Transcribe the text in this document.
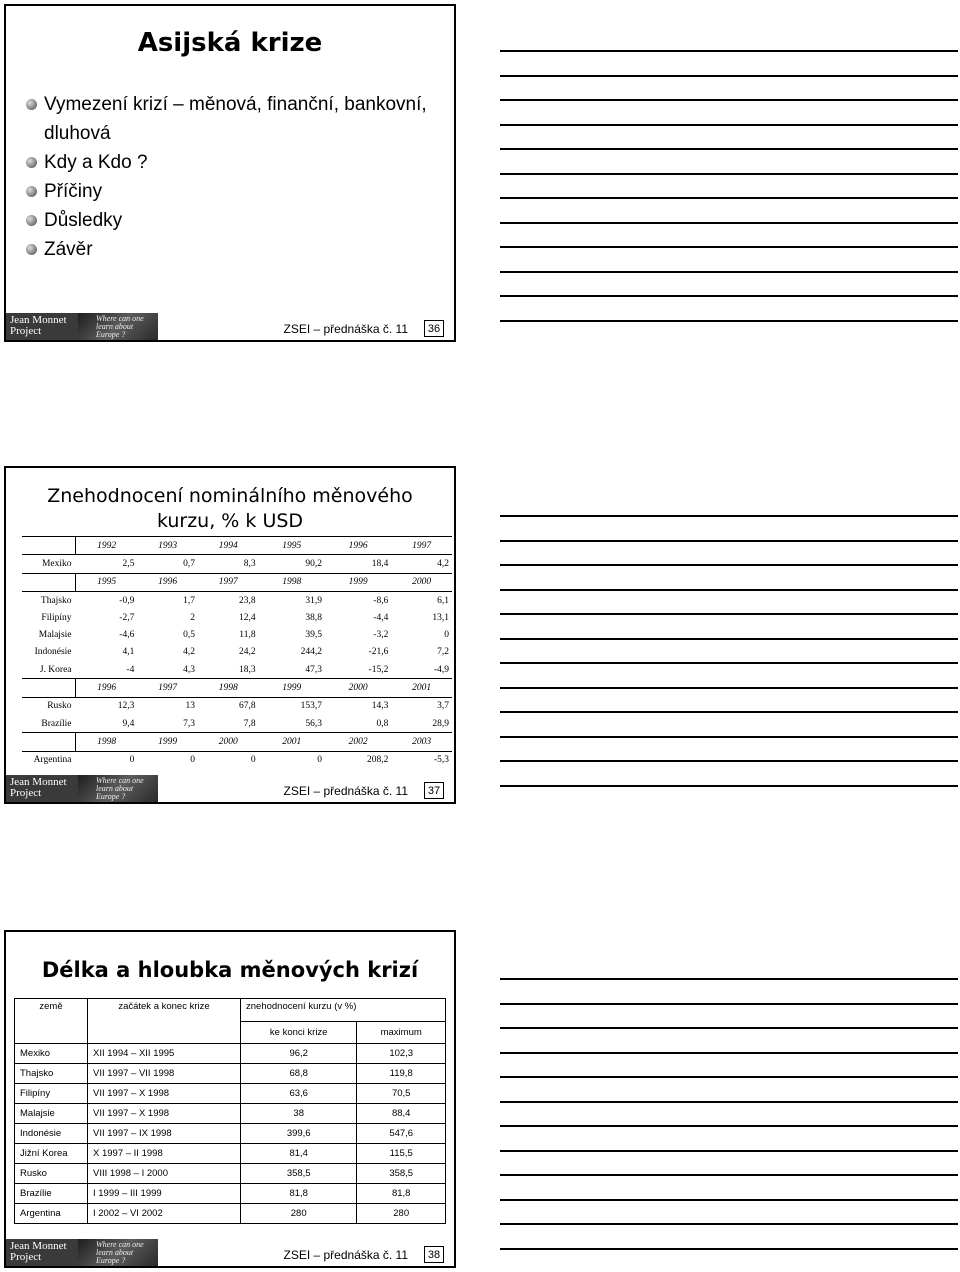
Asijská krize
Vymezení krizí – měnová, finanční, bankovní, dluhová
Kdy a Kdo ?
Příčiny
Důsledky
Závěr
Jean Monnet
Project
Where can one
learn about
Europe ?	ZSEI – přednáška č. 11	36
Znehodnocení nominálního měnového
kurzu, % k USD
	1992	1993	1994	1995	1996	1997
Mexiko	2,5	0,7	8,3	90,2	18,4	4,2
	1995	1996	1997	1998	1999	2000
Thajsko	-0,9	1,7	23,8	31,9	-8,6	6,1
Filipíny	-2,7	2	12,4	38,8	-4,4	13,1
Malajsie	-4,6	0,5	11,8	39,5	-3,2	0
Indonésie	4,1	4,2	24,2	244,2	-21,6	7,2
J. Korea	-4	4,3	18,3	47,3	-15,2	-4,9
	1996	1997	1998	1999	2000	2001
Rusko	12,3	13	67,8	153,7	14,3	3,7
Brazílie	9,4	7,3	7,8	56,3	0,8	28,9
	1998	1999	2000	2001	2002	2003
Argentina	0	0	0	0	208,2	-5,3
Jean Monnet
Project
Where can one
learn about
Europe ?	ZSEI – přednáška č. 11	37
Délka a hloubka měnových krizí
země	začátek a konec krize	znehodnocení kurzu (v %)	
		ke konci krize	maximum
Mexiko	XII 1994 – XII 1995	96,2	102,3
Thajsko	VII 1997 – VII 1998	68,8	119,8
Filipíny	VII 1997 – X 1998	63,6	70,5
Malajsie	VII 1997 – X 1998	38	88,4
Indonésie	VII 1997 – IX 1998	399,6	547,6
Jižní Korea	X 1997 – II 1998	81,4	115,5
Rusko	VIII 1998 – I 2000	358,5	358,5
Brazílie	I 1999 – III 1999	81,8	81,8
Argentina	I 2002 – VI 2002	280	280
Jean Monnet
Project
Where can one
learn about
Europe ?	ZSEI – přednáška č. 11	38
